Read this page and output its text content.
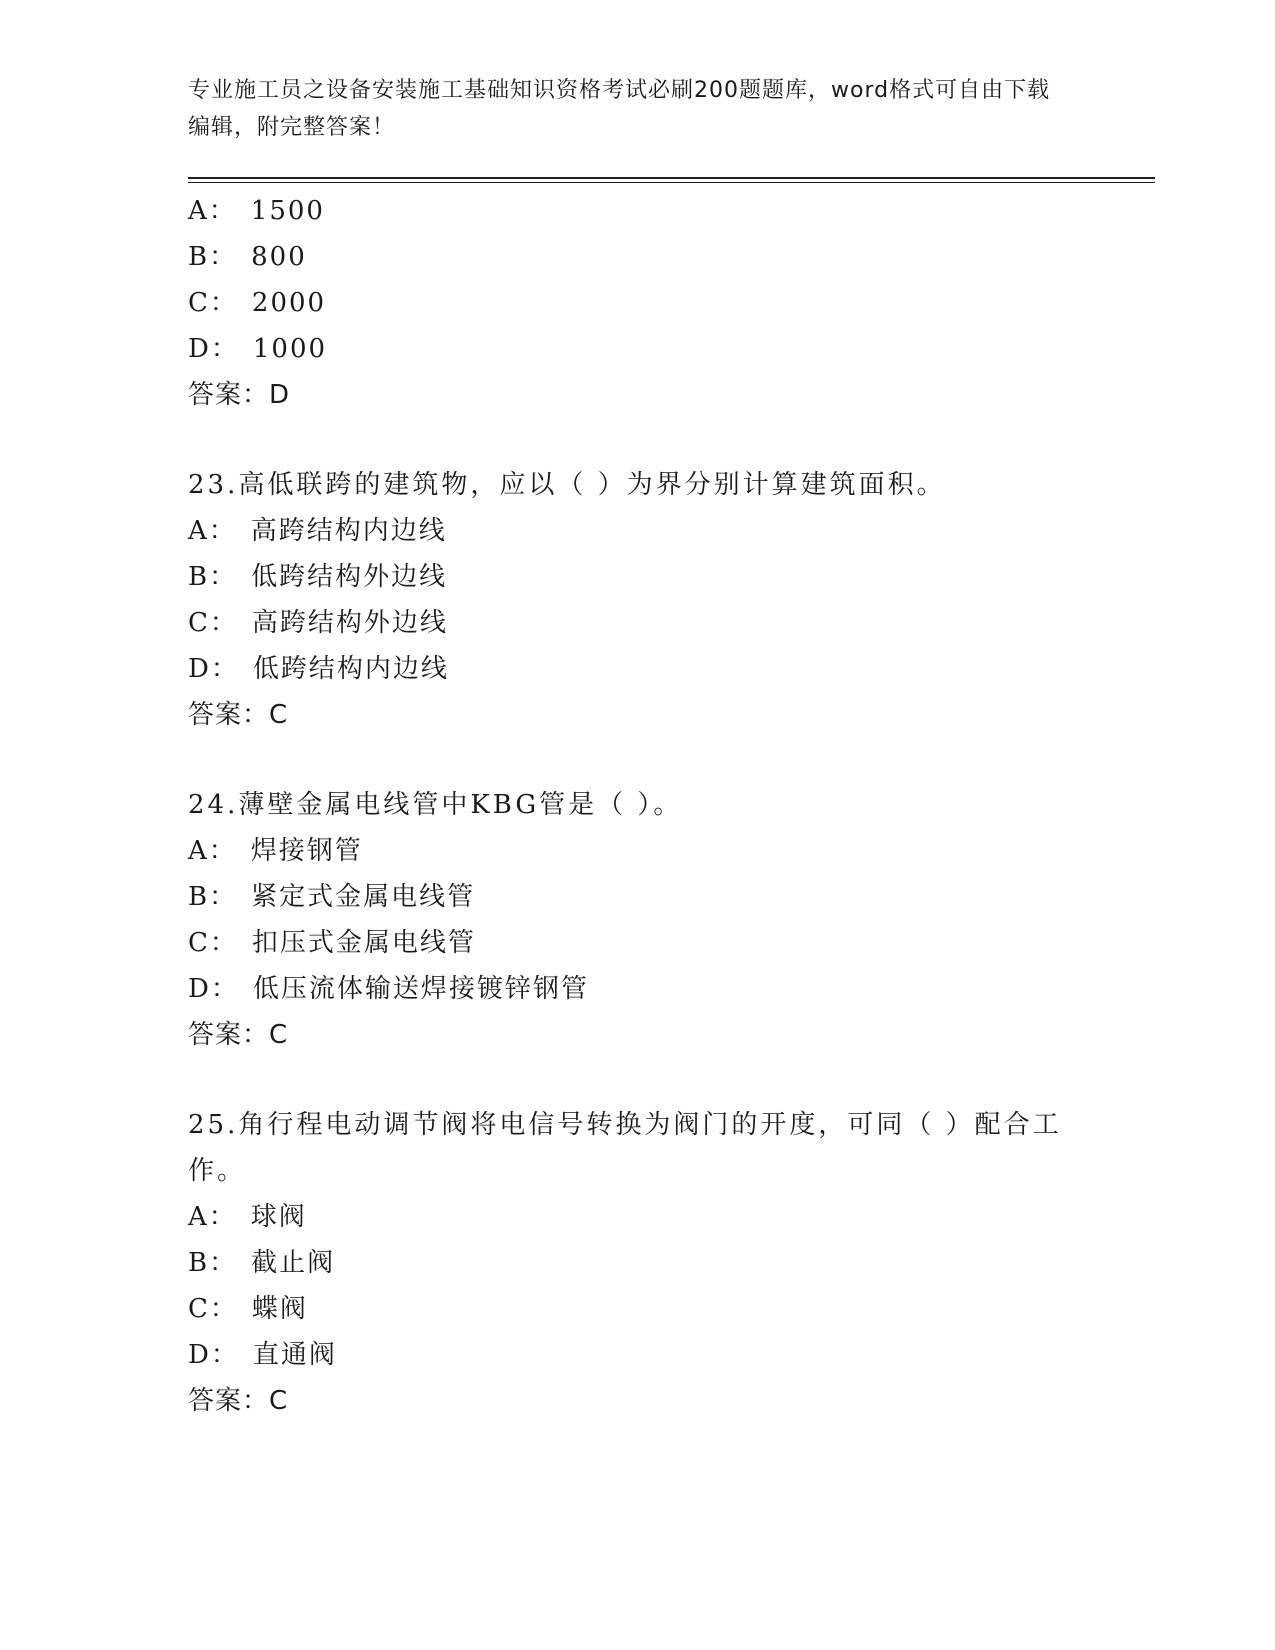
专业施工员之设备安装施工基础知识资格考试必刷200题题库，word格式可自由下载编辑，附完整答案！
A： 1500
B： 800
C： 2000
D： 1000
答案：D
23.高低联跨的建筑物，应以（ ）为界分别计算建筑面积。
A： 高跨结构内边线
B： 低跨结构外边线
C： 高跨结构外边线
D： 低跨结构内边线
答案：C
24.薄壁金属电线管中KBG管是（ ）。
A： 焊接钢管
B： 紧定式金属电线管
C： 扣压式金属电线管
D： 低压流体输送焊接镀锌钢管
答案：C
25.角行程电动调节阀将电信号转换为阀门的开度，可同（ ）配合工作。
A： 球阀
B： 截止阀
C： 蝶阀
D： 直通阀
答案：C
